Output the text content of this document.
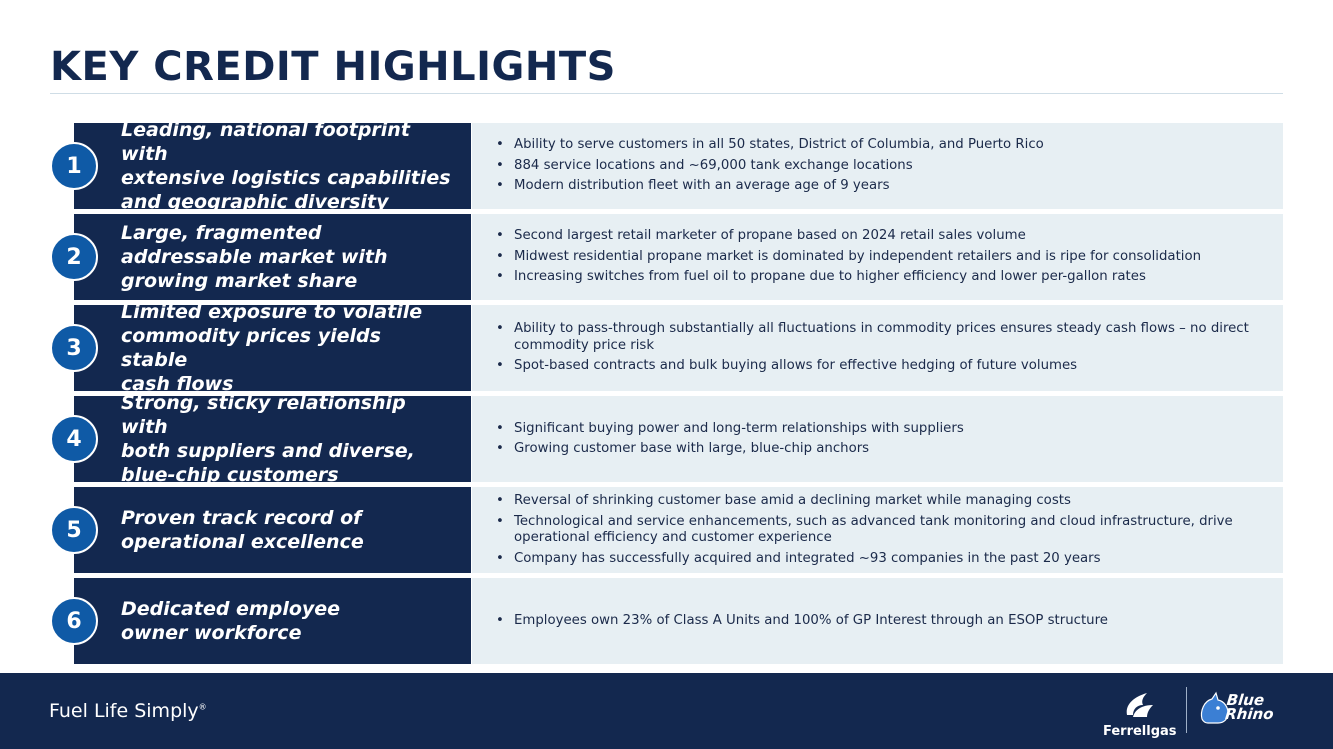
KEY CREDIT HIGHLIGHTS
Leading, national footprint with
extensive logistics capabilities
and geographic diversity
1
• Ability to serve customers in all 50 states, District of Columbia, and Puerto Rico
• 884 service locations and ~69,000 tank exchange locations
• Modern distribution fleet with an average age of 9 years
Large, fragmented
addressable market with
growing market share
2
• Second largest retail marketer of propane based on 2024 retail sales volume
• Midwest residential propane market is dominated by independent retailers and is ripe for consolidation
• Increasing switches from fuel oil to propane due to higher efficiency and lower per-gallon rates
Limited exposure to volatile
commodity prices yields stable
cash flows
3
• Ability to pass-through substantially all fluctuations in commodity prices ensures steady cash flows – no direct commodity price risk
• Spot-based contracts and bulk buying allows for effective hedging of future volumes
Strong, sticky relationship with
both suppliers and diverse,
blue-chip customers
4	• Significant buying power and long-term relationships with suppliers
• Growing customer base with large, blue-chip anchors
Proven track record of
operational excellence
5
• Reversal of shrinking customer base amid a declining market while managing costs
• Technological and service enhancements, such as advanced tank monitoring and cloud infrastructure, drive operational efficiency and customer experience
• Company has successfully acquired and integrated ~93 companies in the past 20 years
Dedicated employee
owner workforce
6	• Employees own 23% of Class A Units and 100% of GP Interest through an ESOP structure
Fuel Life Simply®
Ferrellgas
Blue
Rhino
